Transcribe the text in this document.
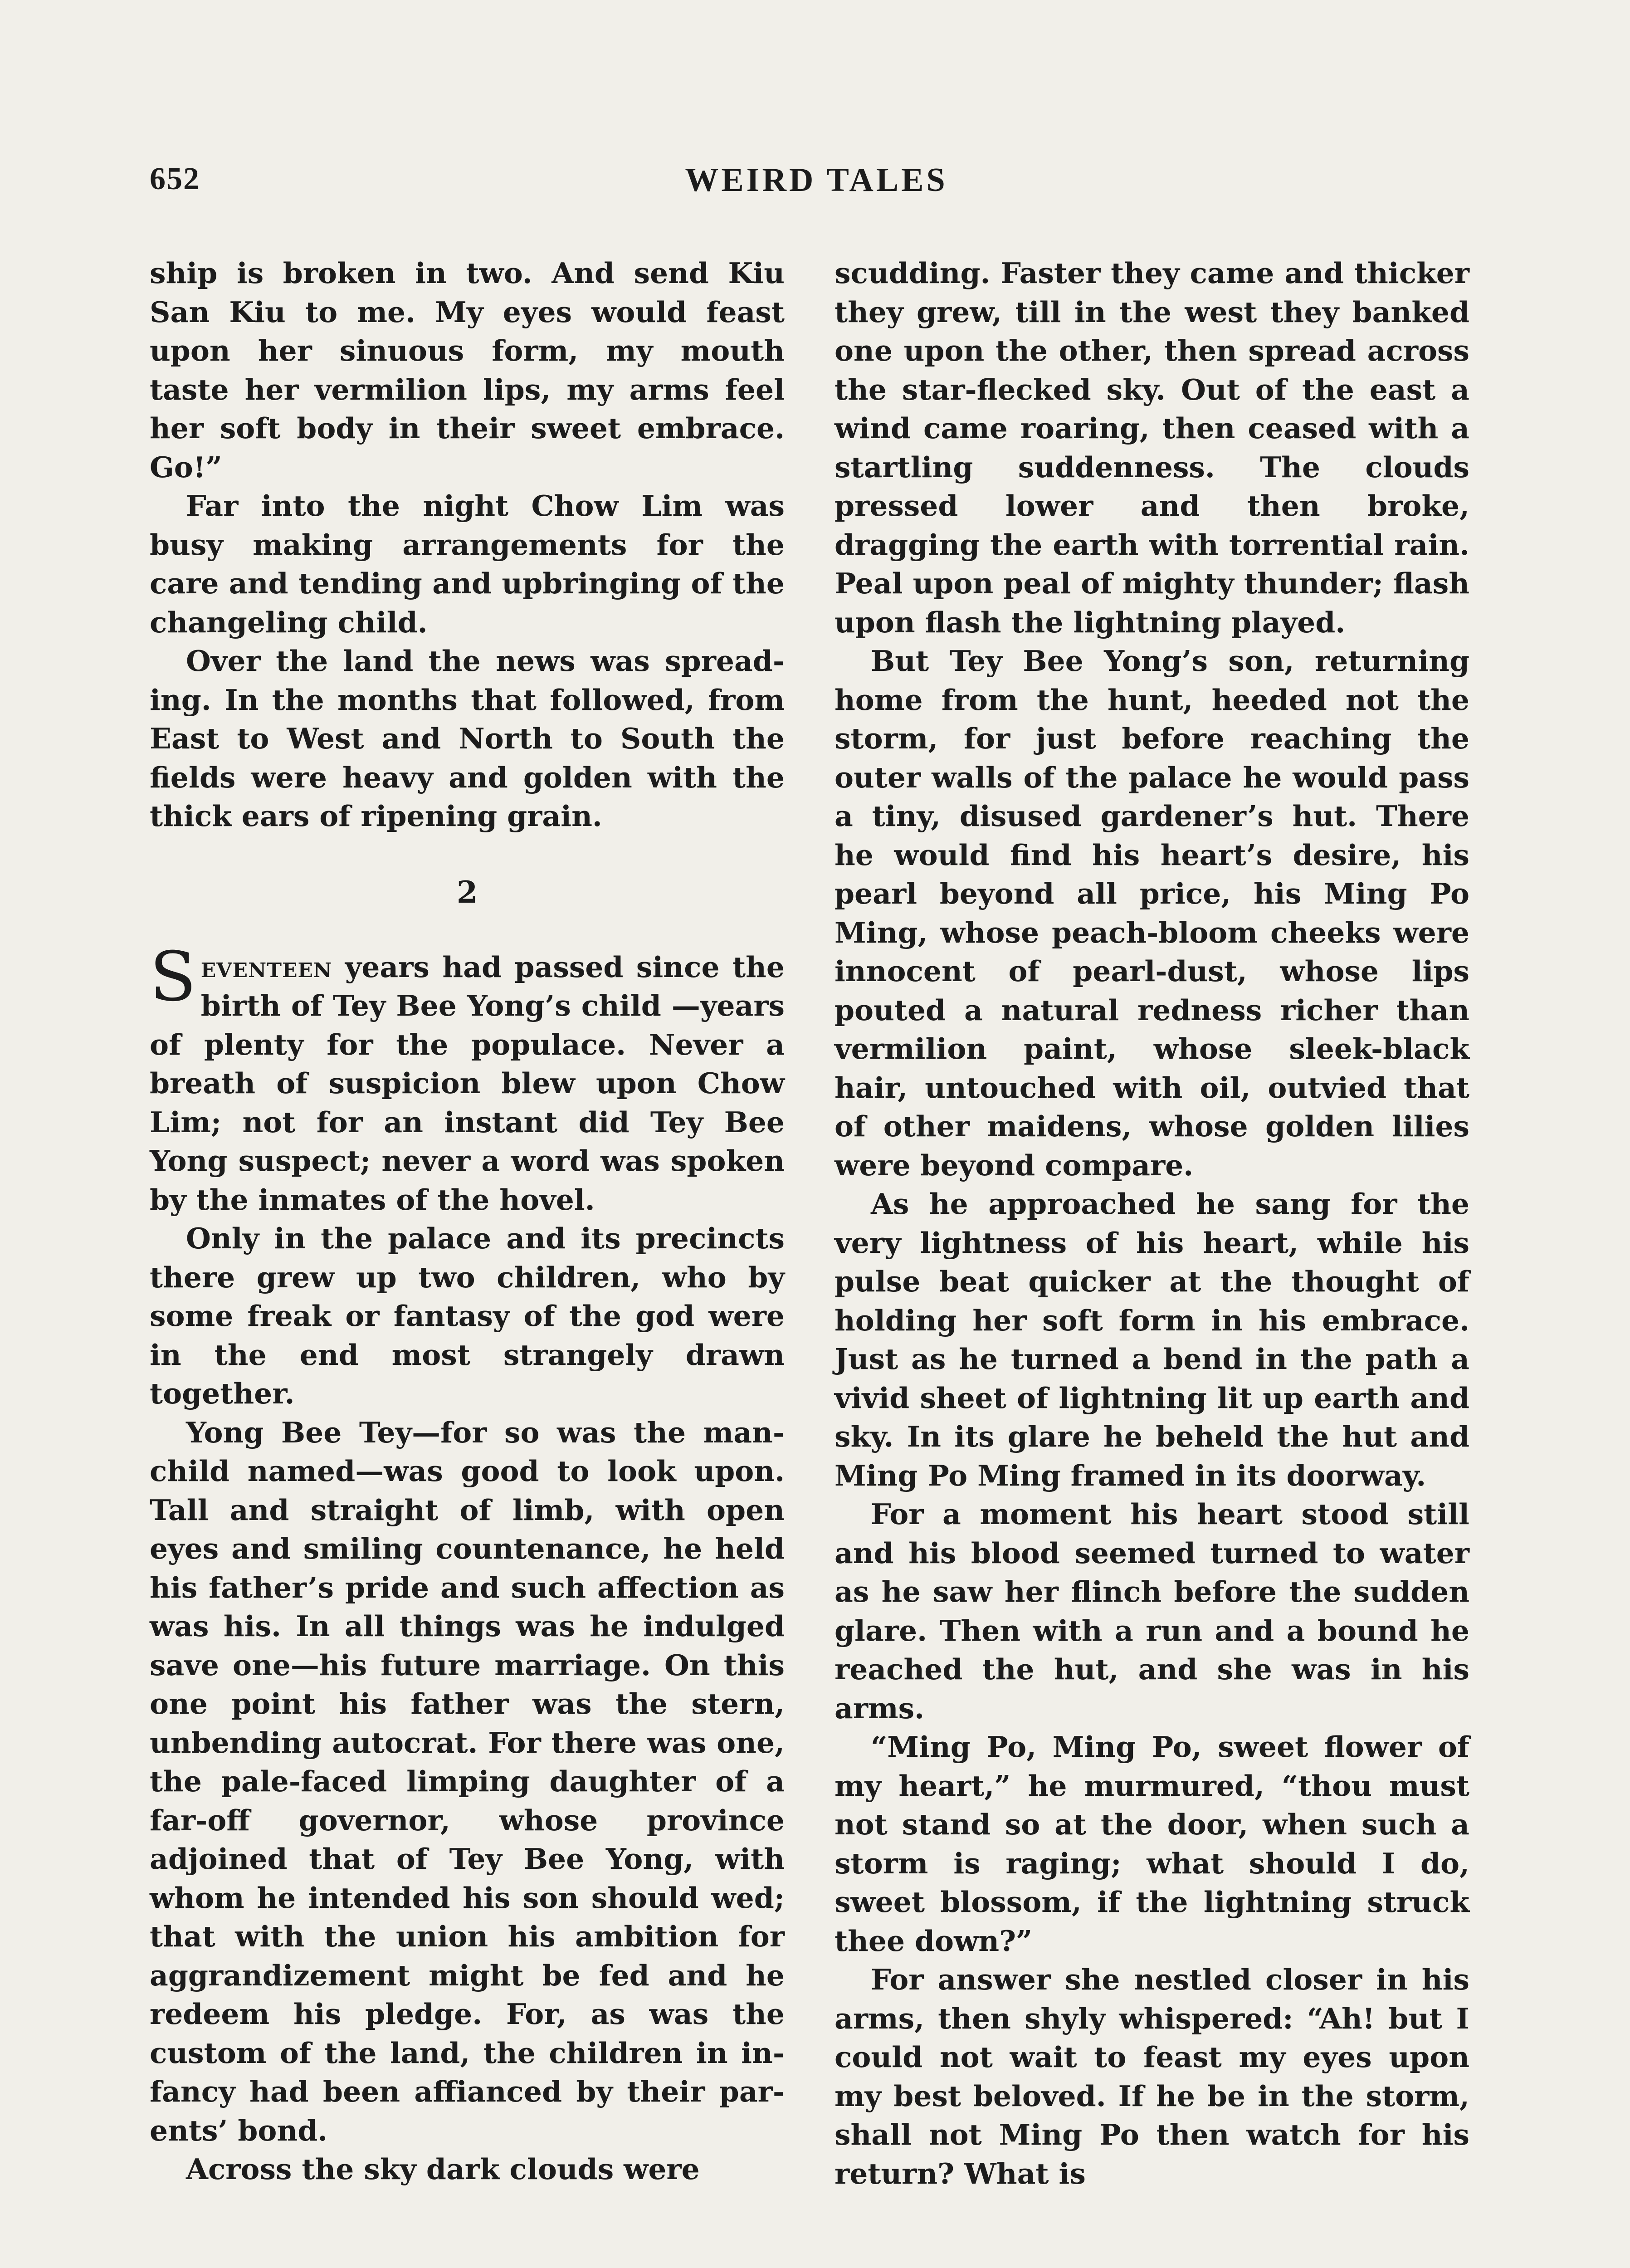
652	WEIRD TALES

ship is broken in two. And send Kiu San Kiu to me. My eyes would feast upon her sinuous form, my mouth taste her vermilion lips, my arms feel her soft body in their sweet embrace. Go!”

Far into the night Chow Lim was busy making arrangements for the care and tending and upbringing of the changeling child.

Over the land the news was spreading. In the months that followed, from East to West and North to South the fields were heavy and golden with the thick ears of ripening grain.

2

Seventeen years had passed since the birth of Tey Bee Yong’s child —years of plenty for the populace. Never a breath of suspicion blew upon Chow Lim; not for an instant did Tey Bee Yong suspect; never a word was spoken by the inmates of the hovel.

Only in the palace and its precincts there grew up two children, who by some freak or fantasy of the god were in the end most strangely drawn together.

Yong Bee Tey—for so was the man-child named—was good to look upon. Tall and straight of limb, with open eyes and smiling countenance, he held his father’s pride and such affection as was his. In all things was he indulged save one—his future marriage. On this one point his father was the stern, unbending autocrat. For there was one, the pale-faced limping daughter of a far-off governor, whose province adjoined that of Tey Bee Yong, with whom he intended his son should wed; that with the union his ambition for aggrandizement might be fed and he redeem his pledge. For, as was the custom of the land, the children in infancy had been affianced by their parents’ bond.

Across the sky dark clouds were

scudding. Faster they came and thicker they grew, till in the west they banked one upon the other, then spread across the star-flecked sky. Out of the east a wind came roaring, then ceased with a startling suddenness. The clouds pressed lower and then broke, dragging the earth with torrential rain. Peal upon peal of mighty thunder; flash upon flash the lightning played.

But Tey Bee Yong’s son, returning home from the hunt, heeded not the storm, for just before reaching the outer walls of the palace he would pass a tiny, disused gardener’s hut. There he would find his heart’s desire, his pearl beyond all price, his Ming Po Ming, whose peach-bloom cheeks were innocent of pearl-dust, whose lips pouted a natural redness richer than vermilion paint, whose sleek-black hair, untouched with oil, outvied that of other maidens, whose golden lilies were beyond compare.

As he approached he sang for the very lightness of his heart, while his pulse beat quicker at the thought of holding her soft form in his embrace. Just as he turned a bend in the path a vivid sheet of lightning lit up earth and sky. In its glare he beheld the hut and Ming Po Ming framed in its doorway.

For a moment his heart stood still and his blood seemed turned to water as he saw her flinch before the sudden glare. Then with a run and a bound he reached the hut, and she was in his arms.

“Ming Po, Ming Po, sweet flower of my heart,” he murmured, “thou must not stand so at the door, when such a storm is raging; what should I do, sweet blossom, if the lightning struck thee down?”

For answer she nestled closer in his arms, then shyly whispered: “Ah! but I could not wait to feast my eyes upon my best beloved. If he be in the storm, shall not Ming Po then watch for his return? What is
